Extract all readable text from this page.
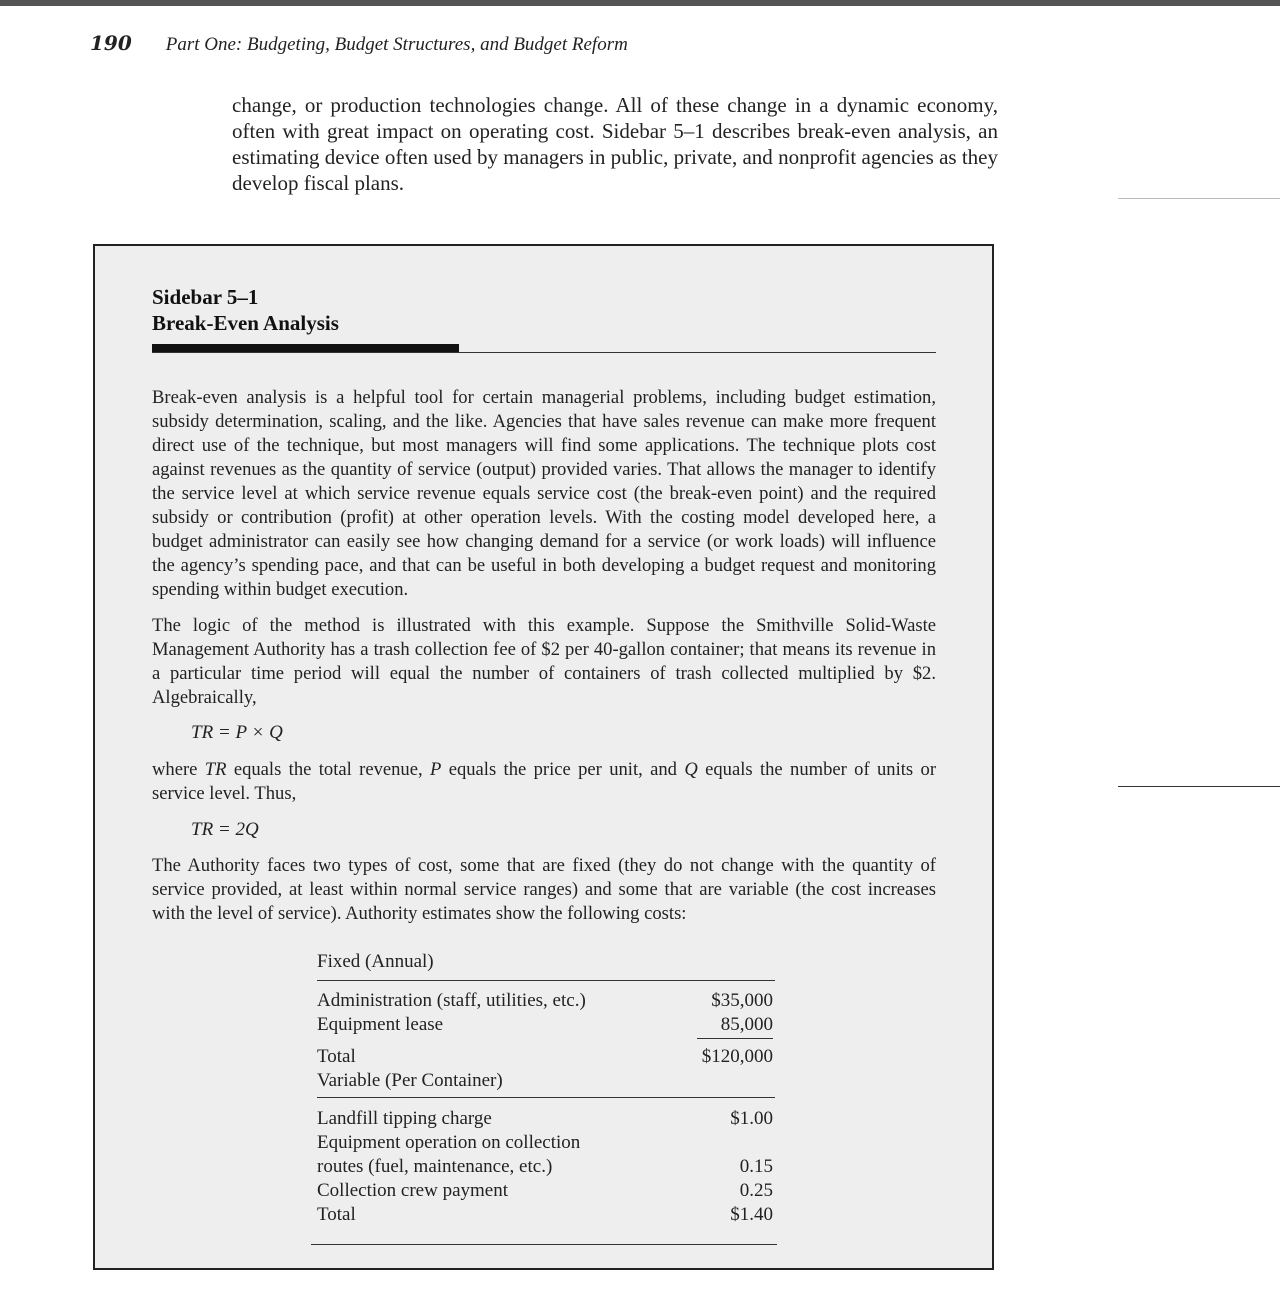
190 Part One: Budgeting, Budget Structures, and Budget Reform

change, or production technologies change. All of these change in a dynamic economy, often with great impact on operating cost. Sidebar 5–1 describes break-even analysis, an estimating device often used by managers in public, private, and nonprofit agencies as they develop fiscal plans.

Sidebar 5–1
Break-Even Analysis

Break-even analysis is a helpful tool for certain managerial problems, including budget estimation, subsidy determination, scaling, and the like. Agencies that have sales revenue can make more frequent direct use of the technique, but most managers will find some applications. The technique plots cost against revenues as the quantity of service (output) provided varies. That allows the manager to identify the service level at which service revenue equals service cost (the break-even point) and the required subsidy or contribution (profit) at other operation levels. With the costing model developed here, a budget administrator can easily see how changing demand for a service (or work loads) will influence the agency’s spending pace, and that can be useful in both developing a budget request and monitoring spending within budget execution.

The logic of the method is illustrated with this example. Suppose the Smithville Solid-Waste Management Authority has a trash collection fee of $2 per 40-gallon container; that means its revenue in a particular time period will equal the number of containers of trash collected multiplied by $2. Algebraically,

TR = P × Q

where TR equals the total revenue, P equals the price per unit, and Q equals the number of units or service level. Thus,

TR = 2Q

The Authority faces two types of cost, some that are fixed (they do not change with the quantity of service provided, at least within normal service ranges) and some that are variable (the cost increases with the level of service). Authority estimates show the following costs:

Fixed (Annual)
Administration (staff, utilities, etc.)	$35,000
Equipment lease	85,000
Total	$120,000
Variable (Per Container)
Landfill tipping charge	$1.00
Equipment operation on collection
routes (fuel, maintenance, etc.)	0.15
Collection crew payment	0.25
Total	$1.40
